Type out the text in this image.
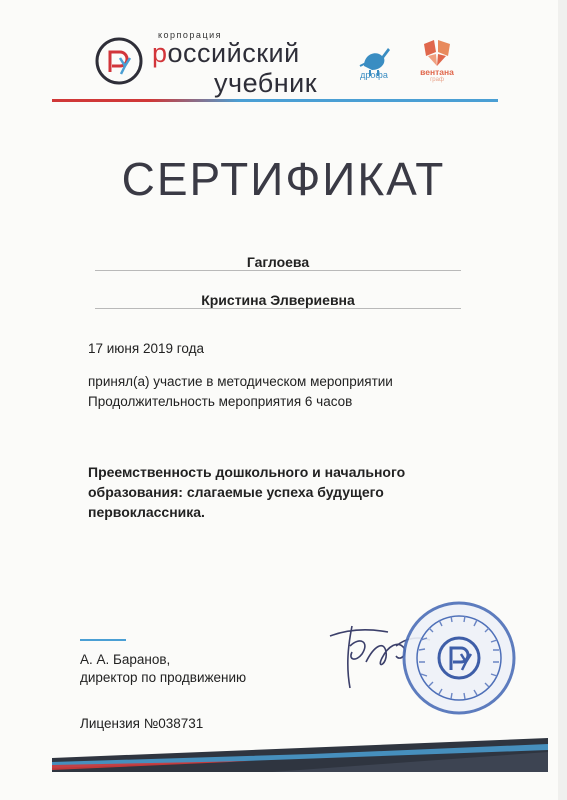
корпорация
российский
учебник	дрофа	вентана
граф
СЕРТИФИКАТ
Гаглоева
Кристина Элвериевна
17 июня 2019 года
принял(а) участие в методическом мероприятии
Продолжительность мероприятия 6 часов
Преемственность дошкольного и начального
образования: слагаемые успеха будущего
первоклассника.
А. А. Баранов,
директор по продвижению
Лицензия №038731
